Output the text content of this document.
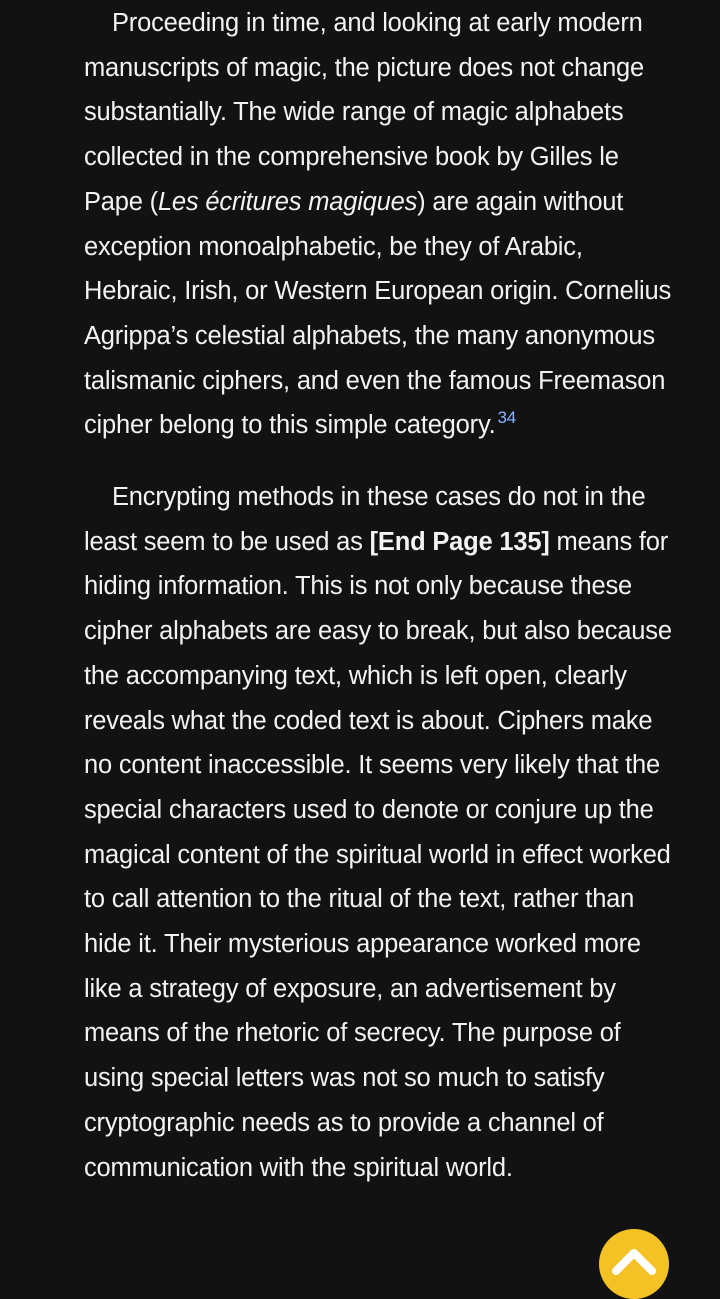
Proceeding in time, and looking at early modern manuscripts of magic, the picture does not change substantially. The wide range of magic alphabets collected in the comprehensive book by Gilles le Pape (Les écritures magiques) are again without exception monoalphabetic, be they of Arabic, Hebraic, Irish, or Western European origin. Cornelius Agrippa’s celestial alphabets, the many anonymous talismanic ciphers, and even the famous Freemason cipher belong to this simple category. $^{34}$

Encrypting methods in these cases do not in the least seem to be used as [End Page 135] means for hiding information. This is not only because these cipher alphabets are easy to break, but also because the accompanying text, which is left open, clearly reveals what the coded text is about. Ciphers make no content inaccessible. It seems very likely that the special characters used to denote or conjure up the magical content of the spiritual world in effect worked to call attention to the ritual of the text, rather than hide it. Their mysterious appearance worked more like a strategy of exposure, an advertisement by means of the rhetoric of secrecy. The purpose of using special letters was not so much to satisfy cryptographic needs as to provide a channel of communication with the spiritual world.
